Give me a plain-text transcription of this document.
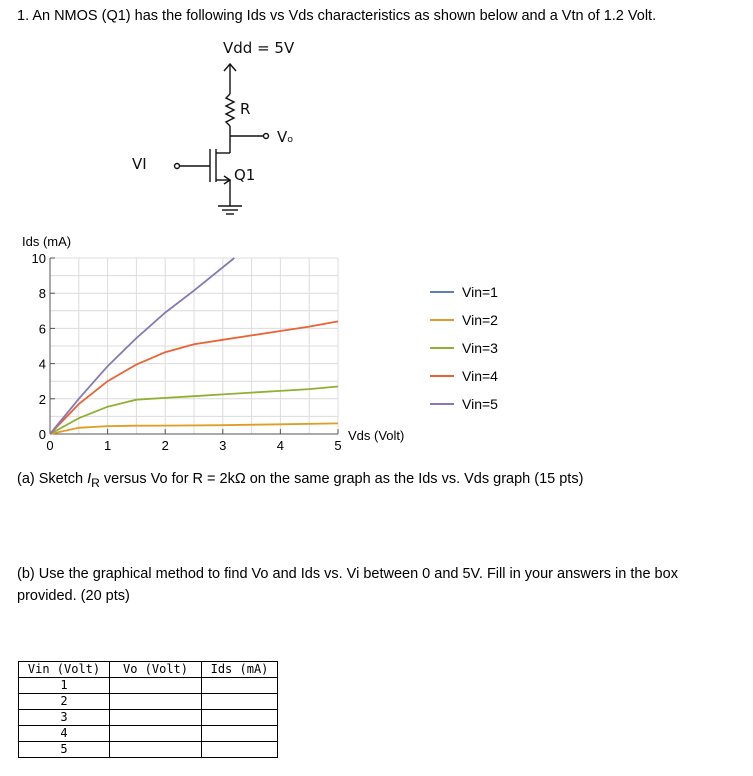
1. An NMOS (Q1) has the following Ids vs Vds characteristics as shown below and a Vtn of 1.2 Volt.
Vdd = 5V
R
Vₒ
VI
Q1
Ids (mA)
Vds (Volt)
0	1	2	3	4	5
0
2
4
6
8
10
Vin=1
Vin=2
Vin=3
Vin=4
Vin=5
(a) Sketch $I_R$ versus Vo for R = 2kΩ on the same graph as the Ids vs. Vds graph (15 pts)
(b) Use the graphical method to find Vo and Ids vs. Vi between 0 and 5V. Fill in your answers in the box provided. (20 pts)
Vin (Volt)	Vo (Volt)	Ids (mA)
1		
2		
3		
4		
5		
